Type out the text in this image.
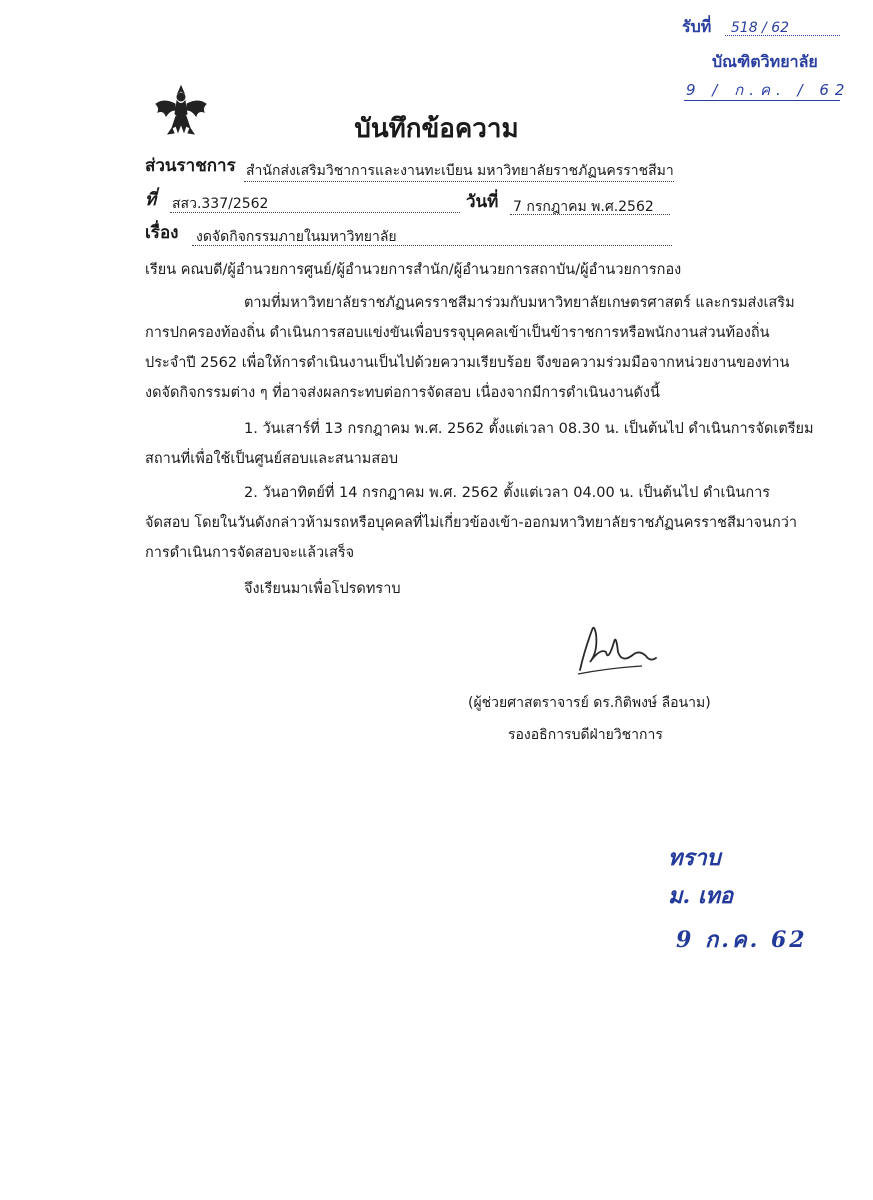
รับที่ 518 / 62
บัณฑิตวิทยาลัย
9 / ก.ค. / 62
บันทึกข้อความ
ส่วนราชการ สำนักส่งเสริมวิชาการและงานทะเบียน มหาวิทยาลัยราชภัฏนครราชสีมา
ที่ สสว.337/2562	วันที่ 7 กรกฎาคม พ.ศ.2562
เรื่อง งดจัดกิจกรรมภายในมหาวิทยาลัย
เรียน คณบดี/ผู้อำนวยการศูนย์/ผู้อำนวยการสำนัก/ผู้อำนวยการสถาบัน/ผู้อำนวยการกอง
ตามที่มหาวิทยาลัยราชภัฏนครราชสีมาร่วมกับมหาวิทยาลัยเกษตรศาสตร์ และกรมส่งเสริม
การปกครองท้องถิ่น ดำเนินการสอบแข่งขันเพื่อบรรจุบุคคลเข้าเป็นข้าราชการหรือพนักงานส่วนท้องถิ่น
ประจำปี 2562 เพื่อให้การดำเนินงานเป็นไปด้วยความเรียบร้อย จึงขอความร่วมมือจากหน่วยงานของท่าน
งดจัดกิจกรรมต่าง ๆ ที่อาจส่งผลกระทบต่อการจัดสอบ เนื่องจากมีการดำเนินงานดังนี้
1. วันเสาร์ที่ 13 กรกฎาคม พ.ศ. 2562 ตั้งแต่เวลา 08.30 น. เป็นต้นไป ดำเนินการจัดเตรียม
สถานที่เพื่อใช้เป็นศูนย์สอบและสนามสอบ
2. วันอาทิตย์ที่ 14 กรกฎาคม พ.ศ. 2562 ตั้งแต่เวลา 04.00 น. เป็นต้นไป ดำเนินการ
จัดสอบ โดยในวันดังกล่าวห้ามรถหรือบุคคลที่ไม่เกี่ยวข้องเข้า-ออกมหาวิทยาลัยราชภัฏนครราชสีมาจนกว่า
การดำเนินการจัดสอบจะแล้วเสร็จ
จึงเรียนมาเพื่อโปรดทราบ
(ผู้ช่วยศาสตราจารย์ ดร.กิติพงษ์ ลือนาม)
รองอธิการบดีฝ่ายวิชาการ
ทราบ
ม. เทอ
9 ก.ค. 62
